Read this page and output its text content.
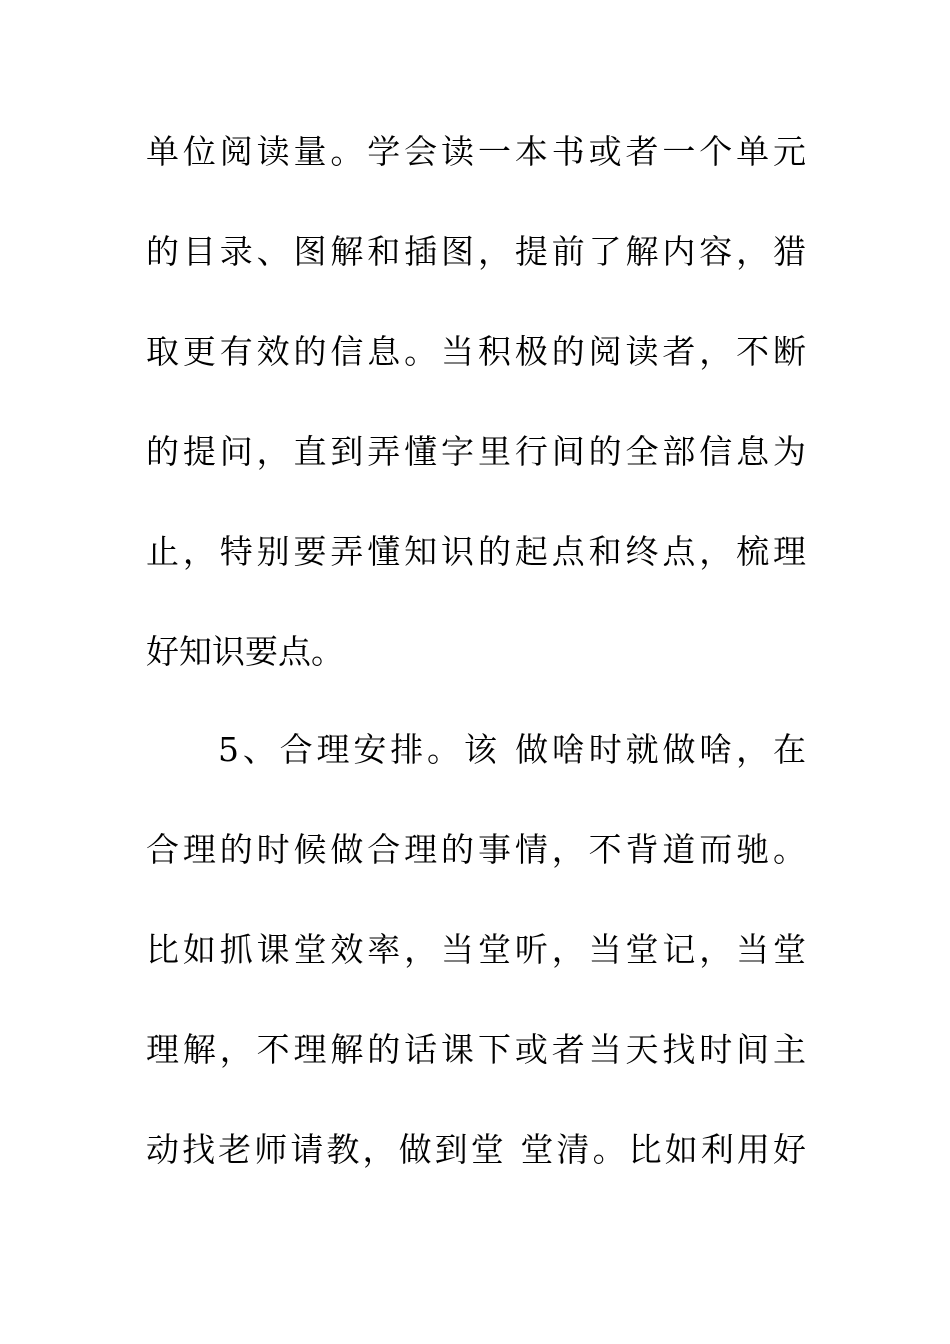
单位阅读量。学会读一本书或者一个单元
的目录、图解和插图，提前了解内容，猎
取更有效的信息。当积极的阅读者，不断
的提问，直到弄懂字里行间的全部信息为
止，特别要弄懂知识的起点和终点，梳理
好知识要点。
5、合理安排。该 做啥时就做啥，在
合理的时候做合理的事情，不背道而驰。
比如抓课堂效率，当堂听，当堂记，当堂
理解，不理解的话课下或者当天找时间主
动找老师请教，做到堂 堂清。比如利用好
